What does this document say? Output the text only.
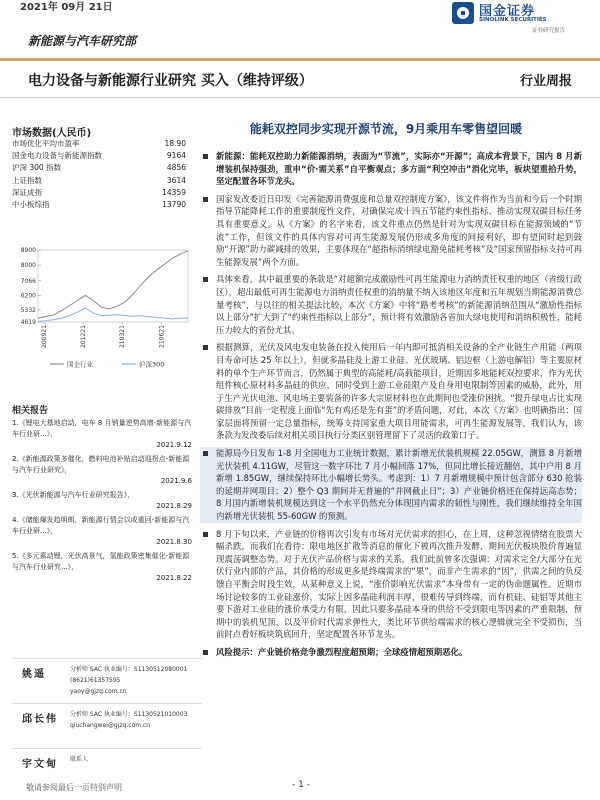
2021年 09月 21日
新能源与汽车研究部
国金证券
SINOLINK SECURITIES
证券研究报告
电力设备与新能源行业研究 买入（维持评级）	行业周报
市场数据(人民币)
市场优化平均市盈率	18.90
国金电力设备与新能源指数	9164
沪深 300 指数	4856
上证指数	3614
深证成指	14359
中小板综指	13790
8900
8000
7066
6200
5332
4619
200921	201221	210321	210621
国金行业	沪深300
相关报告
1.《锂电大基地启动，电车 8 月销量逆势高增-新能源与汽车行业研...》，
2021.9.12
2.《新能源政策多催化，燃料电池补贴启动迎拐点-新能源与汽车行业研究》，
2021.9.6
3.《光伏新能源与汽车行业研究报告》，
2021.8.29
4.《储能爆发趋明朗，新能源行情会以或重回-新能源与汽车行业研...》，
2021.8.30
5.《多元素动锂，光伏高景气，氢能政策密集催化-新能源与汽车行业研究...》，
2021.8.22
姚遥	分析师 SAC 执业编号：S1130512080001
(8621)61357595
yaoy@gjzq.com.cn
邱长伟 分析师 SAC 执业编号：S1130521010003
qiuchangwei@gjzq.com.cn
宇文甸 联系人
能耗双控同步实现开源节流，9月乘用车零售望回暖
新能源：能耗双控助力新能源消纳，表面为“节流”，实际亦“开源”；高成本背景下，国内 8 月新增装机保持强劲，重申“价·需关系”自平衡观点；多方面“利空冲击”消化完毕，板块望重拾升势，坚定配置各环节龙头。
国家发改委近日印发《完善能源消费强度和总量双控制度方案》，该文件将作为当前和今后一个时期指导节能降耗工作的重要制度性文件，对确保完成十四五节能约束性指标、推动实现双碳目标任务具有重要意义。从《方案》的名字来看，该文件重点仍然是针对为实现双碳目标在能源领域的“节流”工作，但该文件的具体内容对可再生能源发展仍形成多角度的间接利好，即有望同时起到鼓励“开源”助力碳减排的效果，主要体现在“超指标消纳绿电豁免能耗考核”及“国家预留指标支持可再生能源发展”两个方面。
具体来看，其中最重要的条款是“对超额完成激励性可再生能源电力消纳责任权重的地区（省级行政区），超出最低可再生能源电力消纳责任权重的消纳量不纳入该地区年度和五年规划当期能源消费总量考核”，与以往的相关提法比较，本次《方案》中将“路考考核”的新能源消纳范围从“激励性指标以上部分”扩大到了“约束性指标以上部分”，预计将有效激励各省加大绿电使用和消纳积极性，能耗压力较大的省份尤其。
根据测算，光伏及风电发电装备在投入使用后一年内即可抵消相关设备的全产业链生产用能（两项目寿命可达 25 年以上），但就多晶硅及上游工业硅、光伏玻璃、铝边框（上游电解铝）等主要原材料的单个生产环节而言，仍然属于典型的高能耗/高载能项目，近期因多地能耗双控要求，作为光伏组件核心原材料多晶硅的供应，同时受到上游工业硅限产及自身用电限制等因素的威胁，此外，用于生产光伏电池、风电场主要装备的许多大宗原材料也在此期间也受涨价困扰。“提升绿电占比实现碳排放”目前一定程度上面临“先有鸡还是先有蛋”的矛盾问题，对此，本次《方案》也明确指出：国家层面将预留一定总量指标，统筹支持国家重大项目用能需求，可再生能源发展等，我们认为，该条款为发改委后续对相关项目执行分类区别管理留下了灵活的政策口子。
能源局今日发布 1-8 月全国电力工业统计数据，累计新增光伏装机规模 22.05GW，测算 8 月新增光伏装机 4.11GW，尽管这一数字环比 7 月小幅回落 17%，但同比增长接近翻倍，其中户用 8 月新增 1.85GW，继续保持环比小幅增长势头。考虑到：1）7 月新增规模中预计包含部分 630 抢装的延期并网项目；2）整个 Q3 期间并无普遍的“并网截止日”；3）产业链价格还在保持远高态势；8 月国内新增装机规模达到这一个水平仍然充分体现国内需求的韧性与刚性，我们继续维持全年国内新增光伏装机 55-60GW 的预测。
8 月下旬以来，产业链的价格再次引发有市场对光伏需求的担心，在上周，这种忽视情绪在股票大幅杀跌，而我们在看待：限电地区扩散等消息的催化下被再次推升发酵，期间光伏板块股价普遍显现震荡调整态势。对于光伏产品价格与需求的关系，我们此前曾多次强调：对需求完全/大部分在光伏行业内部的产品，其价格的形成更多是终端需求的“果”，而非产生需求的“因”，供需之间的负反馈自平衡会时段生效，从某种意义上说，“涨价影响光伏需求”本身带有一定的伪命题属性。近期市场讨论较多的工业硅涨价，实际上因多晶硅利润丰厚，很难传导到终端，而有机硅、硅铝等其他主要下游对工业硅的涨价承受力有限，因此只要多晶硅本身的供给不受到限电等因素的严重限制，预期中的装机见顶，以及平价时代需求弹性大，类比环节供给端需求的核心逻辑就完全不受损伤，当前时点看好板块筑底回升，坚定配置各环节龙头。
风险提示：产业链价格竞争激烈程度超预期；全球疫情超预期恶化。
敬请参阅最后一页特别声明	- 1 -
